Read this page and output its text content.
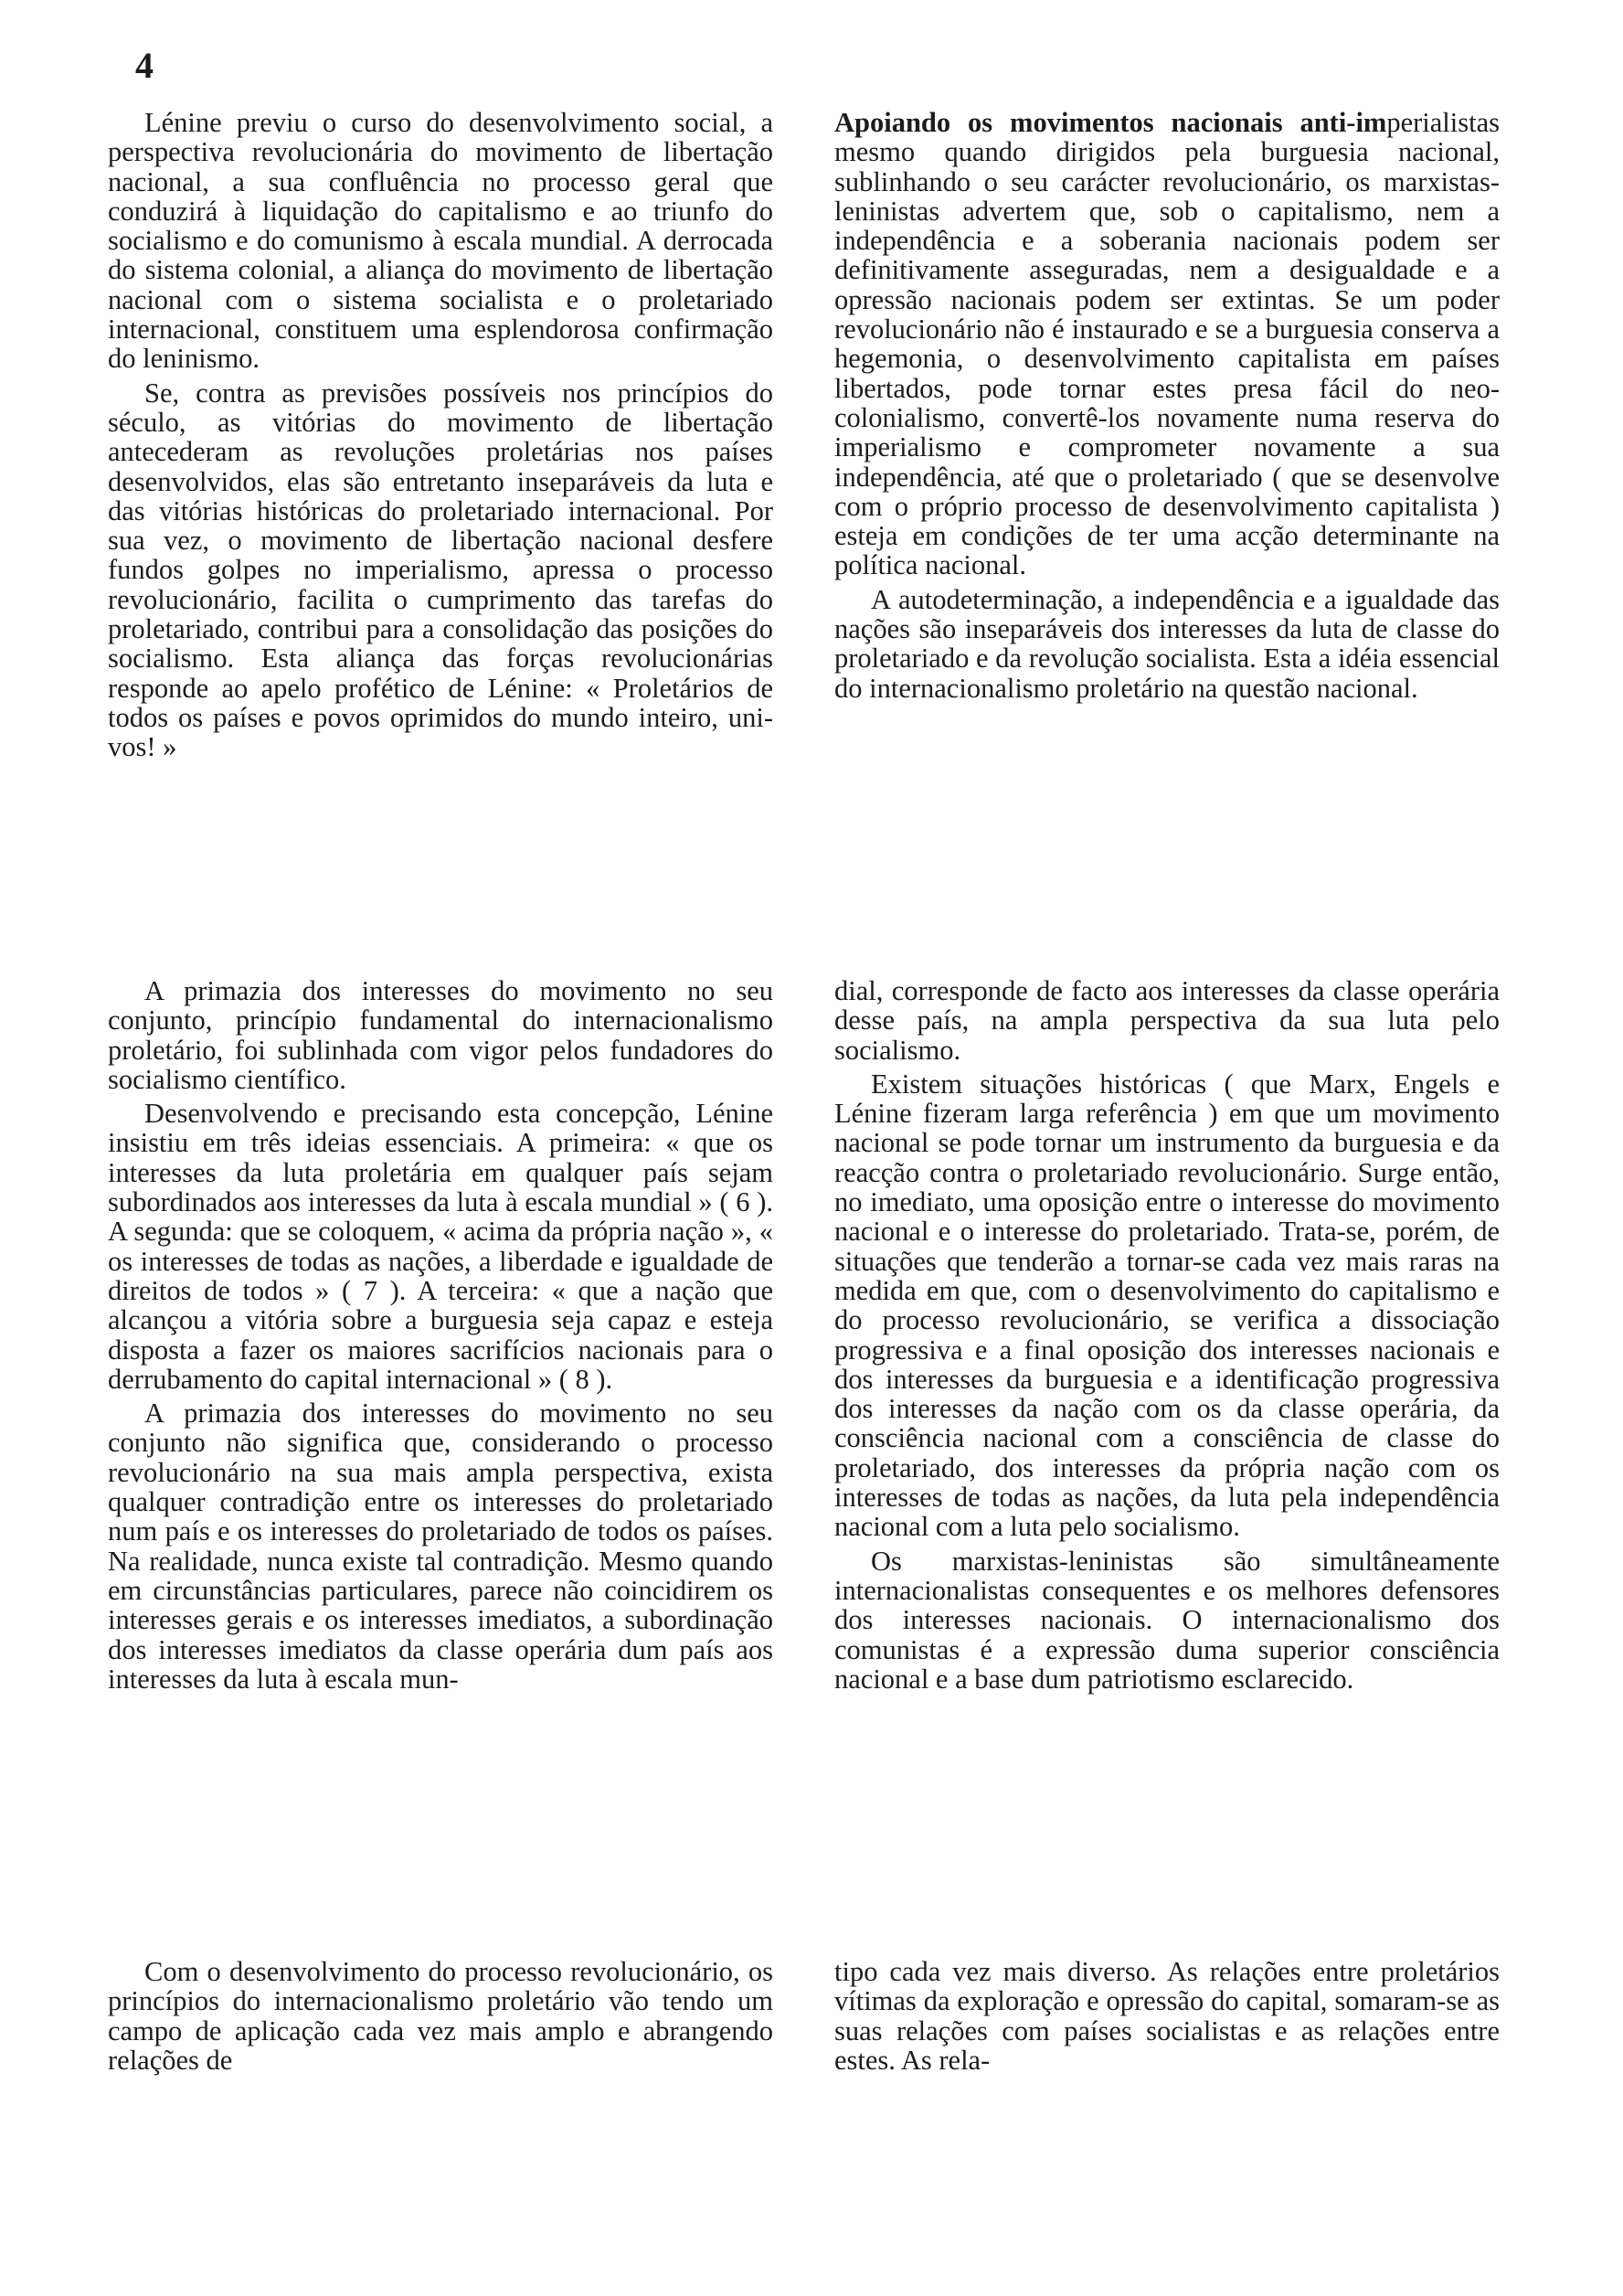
4

Lénine previu o curso do desenvolvimento social, a perspectiva revolucionária do movimento de libertação nacional, a sua confluência no processo geral que conduzirá à liquidação do capitalismo e ao triunfo do socialismo e do comunismo à escala mundial. A derrocada do sistema colonial, a aliança do movimento de libertação nacional com o sistema socialista e o proletariado internacional, constituem uma esplendorosa confirmação do leninismo.

Se, contra as previsões possíveis nos princípios do século, as vitórias do movimento de libertação antecederam as revoluções proletárias nos países desenvolvidos, elas são entretanto inseparáveis da luta e das vitórias históricas do proletariado internacional. Por sua vez, o movimento de libertação nacional desfere fundos golpes no imperialismo, apressa o processo revolucionário, facilita o cumprimento das tarefas do proletariado, contribui para a consolidação das posições do socialismo. Esta aliança das forças revolucionárias responde ao apelo profético de Lénine: « Proletários de todos os países e povos oprimidos do mundo inteiro, uni-vos! »

Apoiando os movimentos nacionais anti-imperialistas mesmo quando dirigidos pela burguesia nacional, sublinhando o seu carácter revolucionário, os marxistas-leninistas advertem que, sob o capitalismo, nem a independência e a soberania nacionais podem ser definitivamente asseguradas, nem a desigualdade e a opressão nacionais podem ser extintas. Se um poder revolucionário não é instaurado e se a burguesia conserva a hegemonia, o desenvolvimento capitalista em países libertados, pode tornar estes presa fácil do neo-colonialismo, convertê-los novamente numa reserva do imperialismo e comprometer novamente a sua independência, até que o proletariado ( que se desenvolve com o próprio processo de desenvolvimento capitalista ) esteja em condições de ter uma acção determinante na política nacional.

A autodeterminação, a independência e a igualdade das nações são inseparáveis dos interesses da luta de classe do proletariado e da revolução socialista. Esta a idéia essencial do internacionalismo proletário na questão nacional.

A primazia dos interesses do movimento no seu conjunto, princípio fundamental do internacionalismo proletário, foi sublinhada com vigor pelos fundadores do socialismo científico.

Desenvolvendo e precisando esta concepção, Lénine insistiu em três ideias essenciais. A primeira: « que os interesses da luta proletária em qualquer país sejam subordinados aos interesses da luta à escala mundial » ( 6 ). A segunda: que se coloquem, « acima da própria nação », « os interesses de todas as nações, a liberdade e igualdade de direitos de todos » ( 7 ). A terceira: « que a nação que alcançou a vitória sobre a burguesia seja capaz e esteja disposta a fazer os maiores sacrifícios nacionais para o derrubamento do capital internacional » ( 8 ).

A primazia dos interesses do movimento no seu conjunto não significa que, considerando o processo revolucionário na sua mais ampla perspectiva, exista qualquer contradição entre os interesses do proletariado num país e os interesses do proletariado de todos os países. Na realidade, nunca existe tal contradição. Mesmo quando em circunstâncias particulares, parece não coincidirem os interesses gerais e os interesses imediatos, a subordinação dos interesses imediatos da classe operária dum país aos interesses da luta à escala mun-

dial, corresponde de facto aos interesses da classe operária desse país, na ampla perspectiva da sua luta pelo socialismo.

Existem situações históricas ( que Marx, Engels e Lénine fizeram larga referência ) em que um movimento nacional se pode tornar um instrumento da burguesia e da reacção contra o proletariado revolucionário. Surge então, no imediato, uma oposição entre o interesse do movimento nacional e o interesse do proletariado. Trata-se, porém, de situações que tenderão a tornar-se cada vez mais raras na medida em que, com o desenvolvimento do capitalismo e do processo revolucionário, se verifica a dissociação progressiva e a final oposição dos interesses nacionais e dos interesses da burguesia e a identificação progressiva dos interesses da nação com os da classe operária, da consciência nacional com a consciência de classe do proletariado, dos interesses da própria nação com os interesses de todas as nações, da luta pela independência nacional com a luta pelo socialismo.

Os marxistas-leninistas são simultâneamente internacionalistas consequentes e os melhores defensores dos interesses nacionais. O internacionalismo dos comunistas é a expressão duma superior consciência nacional e a base dum patriotismo esclarecido.

Com o desenvolvimento do processo revolucionário, os princípios do internacionalismo proletário vão tendo um campo de aplicação cada vez mais amplo e abrangendo relações de

tipo cada vez mais diverso. As relações entre proletários vítimas da exploração e opressão do capital, somaram-se as suas relações com países socialistas e as relações entre estes. As rela-
